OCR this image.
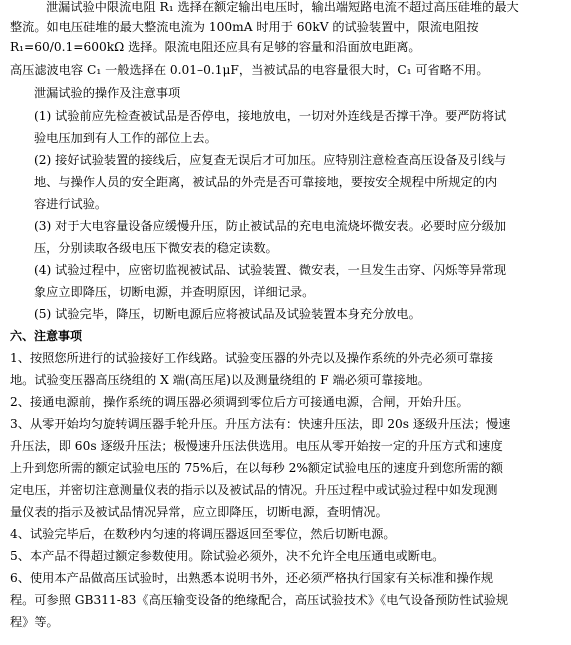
泄漏试验中限流电阻 R₁ 选择在额定输出电压时，输出端短路电流不超过高压硅堆的最大
整流。如电压硅堆的最大整流电流为 100mA 时用于 60kV 的试验装置中，限流电阻按
R₁=60/0.1=600kΩ 选择。限流电阻还应具有足够的容量和沿面放电距离。
高压滤波电容 C₁ 一般选择在 0.01–0.1μF，当被试品的电容量很大时，C₁ 可省略不用。
泄漏试验的操作及注意事项
(1) 试验前应先检查被试品是否停电，接地放电，一切对外连线是否撑干净。要严防将试
验电压加到有人工作的部位上去。
(2) 接好试验装置的接线后，应复查无误后才可加压。应特别注意检查高压设备及引线与
地、与操作人员的安全距离，被试品的外壳是否可靠接地，要按安全规程中所规定的内
容进行试验。
(3) 对于大电容量设备应缓慢升压，防止被试品的充电电流烧坏微安表。必要时应分级加
压，分别读取各级电压下微安表的稳定读数。
(4) 试验过程中，应密切监视被试品、试验装置、微安表，一旦发生击穿、闪烁等异常现
象应立即降压，切断电源，并查明原因，详细记录。
(5) 试验完毕，降压，切断电源后应将被试品及试验装置本身充分放电。
六、注意事项
1、按照您所进行的试验接好工作线路。试验变压器的外壳以及操作系统的外壳必须可靠接
地。试验变压器高压绕组的 X 端(高压尾)以及测量绕组的 F 端必须可靠接地。
2、接通电源前，操作系统的调压器必须调到零位后方可接通电源，合闸，开始升压。
3、从零开始均匀旋转调压器手轮升压。升压方法有：快速升压法，即 20s 逐级升压法；慢速
升压法，即 60s 逐级升压法；极慢速升压法供选用。电压从零开始按一定的升压方式和速度
上升到您所需的额定试验电压的 75%后，在以每秒 2%额定试验电压的速度升到您所需的额
定电压，并密切注意测量仪表的指示以及被试品的情况。升压过程中或试验过程中如发现测
量仪表的指示及被试品情况异常，应立即降压，切断电源，查明情况。
4、试验完毕后，在数秒内匀速的将调压器返回至零位，然后切断电源。
5、本产品不得超过额定参数使用。除试验必须外，决不允许全电压通电或断电。
6、使用本产品做高压试验时，出熟悉本说明书外，还必须严格执行国家有关标准和操作规
程。可参照 GB311-83《高压输变设备的绝缘配合，高压试验技术》《电气设备预防性试验规
程》等。
